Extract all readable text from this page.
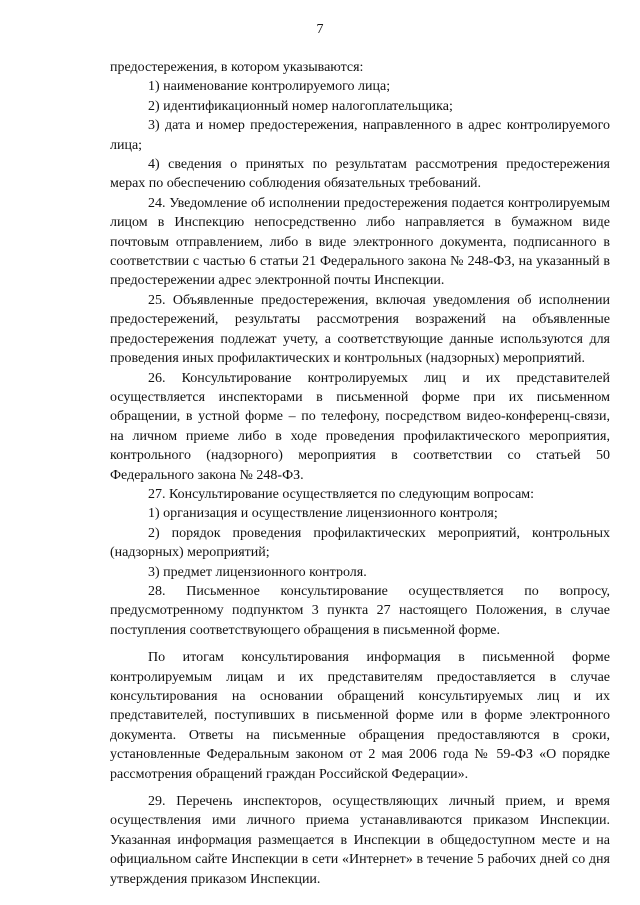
7

предостережения, в котором указываются:

1) наименование контролируемого лица;

2) идентификационный номер налогоплательщика;

3) дата и номер предостережения, направленного в адрес контролируемого лица;

4) сведения о принятых по результатам рассмотрения предостережения мерах по обеспечению соблюдения обязательных требований.

24. Уведомление об исполнении предостережения подается контролируемым лицом в Инспекцию непосредственно либо направляется в бумажном виде почтовым отправлением, либо в виде электронного документа, подписанного в соответствии с частью 6 статьи 21 Федерального закона № 248-ФЗ, на указанный в предостережении адрес электронной почты Инспекции.

25. Объявленные предостережения, включая уведомления об исполнении предостережений, результаты рассмотрения возражений на объявленные предостережения подлежат учету, а соответствующие данные используются для проведения иных профилактических и контрольных (надзорных) мероприятий.

26. Консультирование контролируемых лиц и их представителей осуществляется инспекторами в письменной форме при их письменном обращении, в устной форме – по телефону, посредством видео-конференц-связи, на личном приеме либо в ходе проведения профилактического мероприятия, контрольного (надзорного) мероприятия в соответствии со статьей 50 Федерального закона № 248-ФЗ.

27. Консультирование осуществляется по следующим вопросам:

1) организация и осуществление лицензионного контроля;

2) порядок проведения профилактических мероприятий, контрольных (надзорных) мероприятий;

3) предмет лицензионного контроля.

28. Письменное консультирование осуществляется по вопросу, предусмотренному подпунктом 3 пункта 27 настоящего Положения, в случае поступления соответствующего обращения в письменной форме.

По итогам консультирования информация в письменной форме контролируемым лицам и их представителям предоставляется в случае консультирования на основании обращений консультируемых лиц и их представителей, поступивших в письменной форме или в форме электронного документа. Ответы на письменные обращения предоставляются в сроки, установленные Федеральным законом от 2 мая 2006 года № 59-ФЗ «О порядке рассмотрения обращений граждан Российской Федерации».

29. Перечень инспекторов, осуществляющих личный прием, и время осуществления ими личного приема устанавливаются приказом Инспекции. Указанная информация размещается в Инспекции в общедоступном месте и на официальном сайте Инспекции в сети «Интернет» в течение 5 рабочих дней со дня утверждения приказом Инспекции.
